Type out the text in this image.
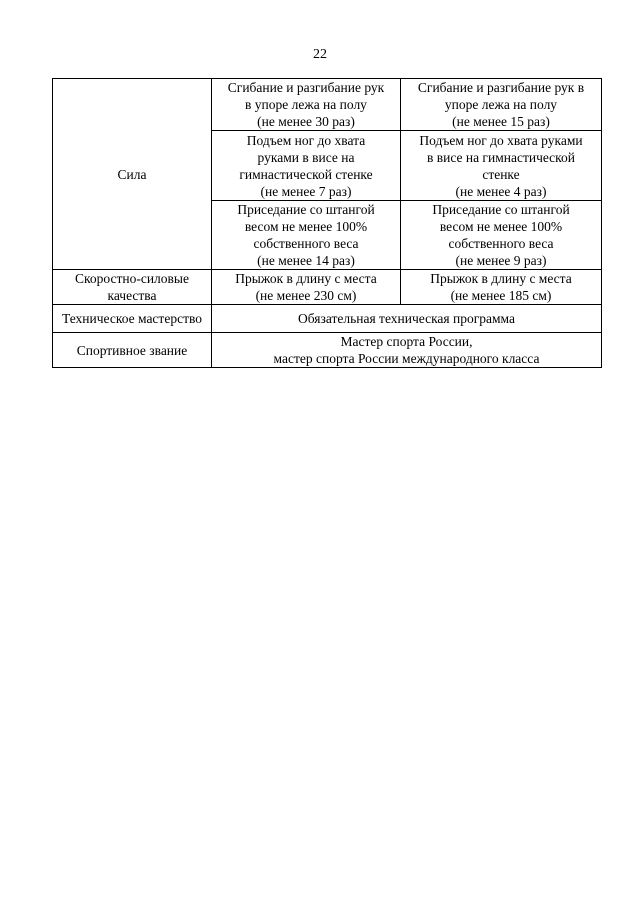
22
Сила	Сгибание и разгибание рук
в упоре лежа на полу
(не менее 30 раз)	Сгибание и разгибание рук в
упоре лежа на полу
(не менее 15 раз)

	Подъем ног до хвата
руками в висе на
гимнастической стенке
(не менее 7 раз)	Подъем ног до хвата руками
в висе на гимнастической
стенке
(не менее 4 раз)

	Приседание со штангой
весом не менее 100%
собственного веса
(не менее 14 раз)	Приседание со штангой
весом не менее 100%
собственного веса
(не менее 9 раз)

Скоростно-силовые
качества	Прыжок в длину с места
(не менее 230 см)	Прыжок в длину с места
(не менее 185 см)

Техническое мастерство	Обязательная техническая программа	
Спортивное звание	Мастер спорта России,
мастер спорта России международного класса	
